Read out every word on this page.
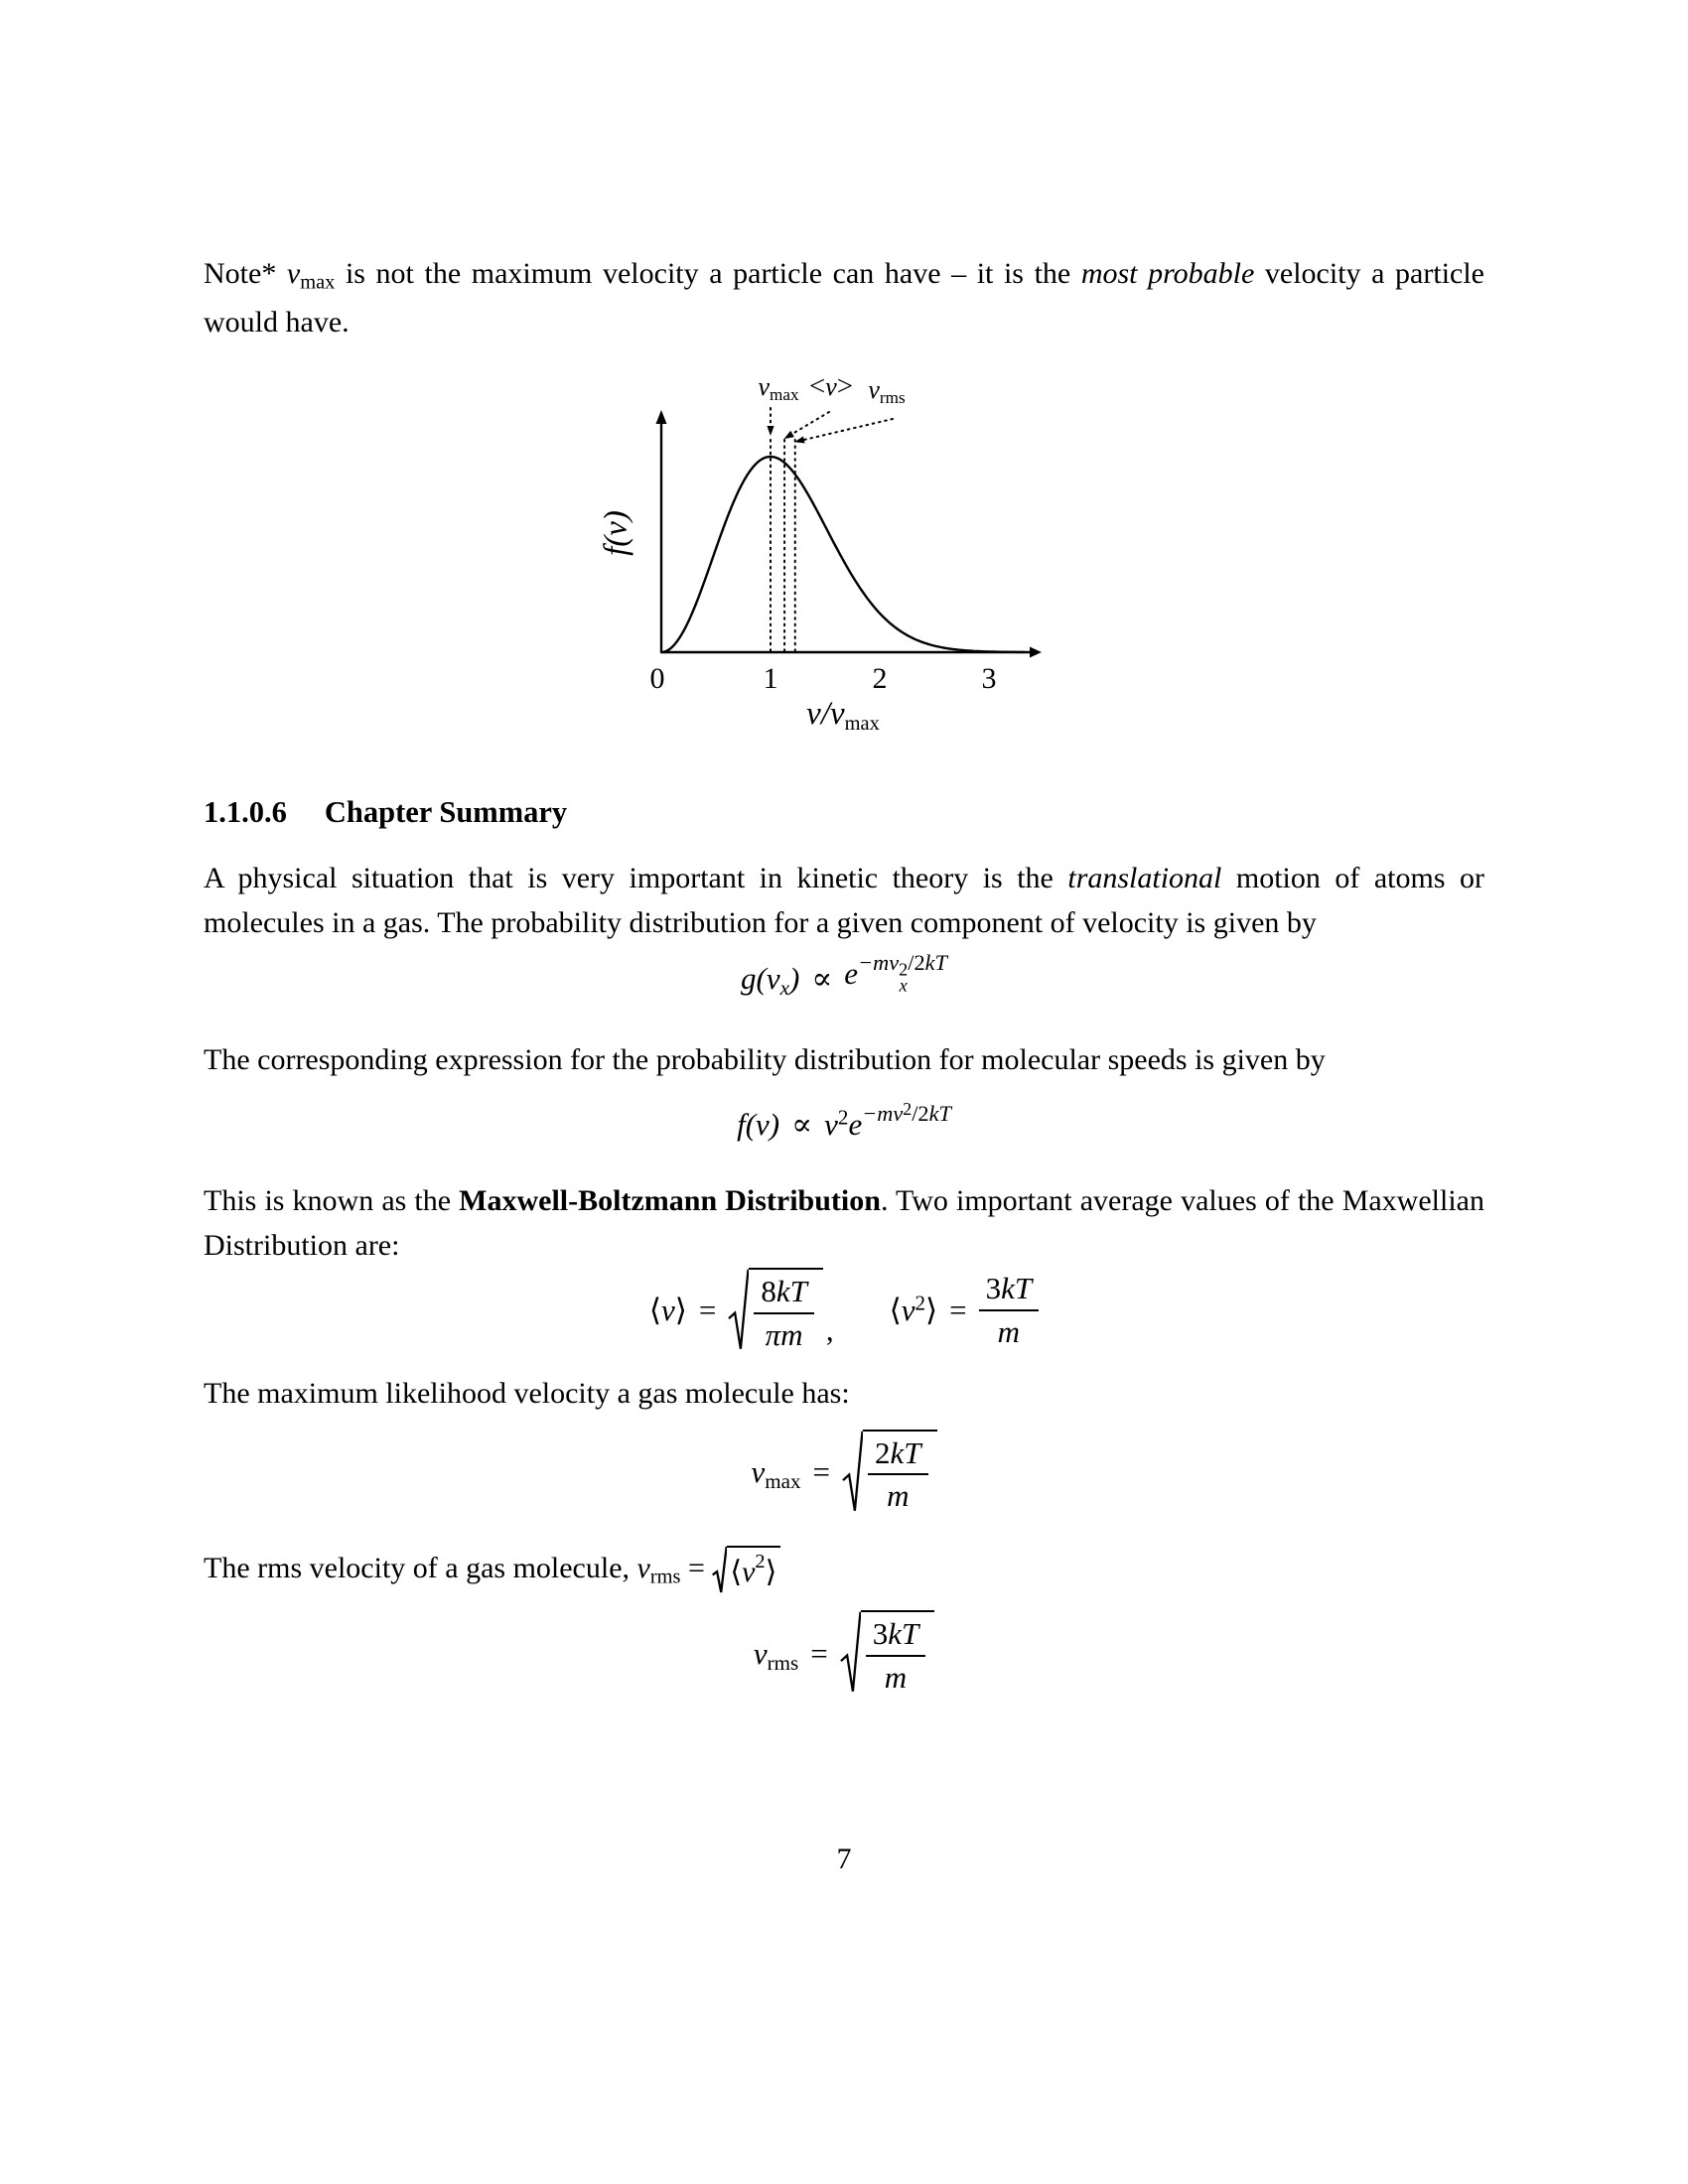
Note* vmax is not the maximum velocity a particle can have – it is the most probable velocity a particle would have.

vmax <v> vrms
f(v)
0	1	2	3
v/vmax
1.1.0.6 Chapter Summary

A physical situation that is very important in kinetic theory is the translational motion of atoms or molecules in a gas. The probability distribution for a given component of velocity is given by

g(vx) ∝ e−mv 2
x
/2kT

The corresponding expression for the probability distribution for molecular speeds is given by

f(v) ∝ v2e−mv2/2kT

This is known as the Maxwell-Boltzmann Distribution. Two important average values of the Maxwellian Distribution are:

⟨v⟩ = $\frac{8kT}{\pi m}$ ,
⟨v2⟩ = $\frac{3kT}{m}$

The maximum likelihood velocity a gas molecule has:

$vmax = \frac{2kT}{m}$

The rms velocity of a gas molecule, vrms = ⟨ v 2 ⟩

vrms = $\frac{3kT}{m}$
7
